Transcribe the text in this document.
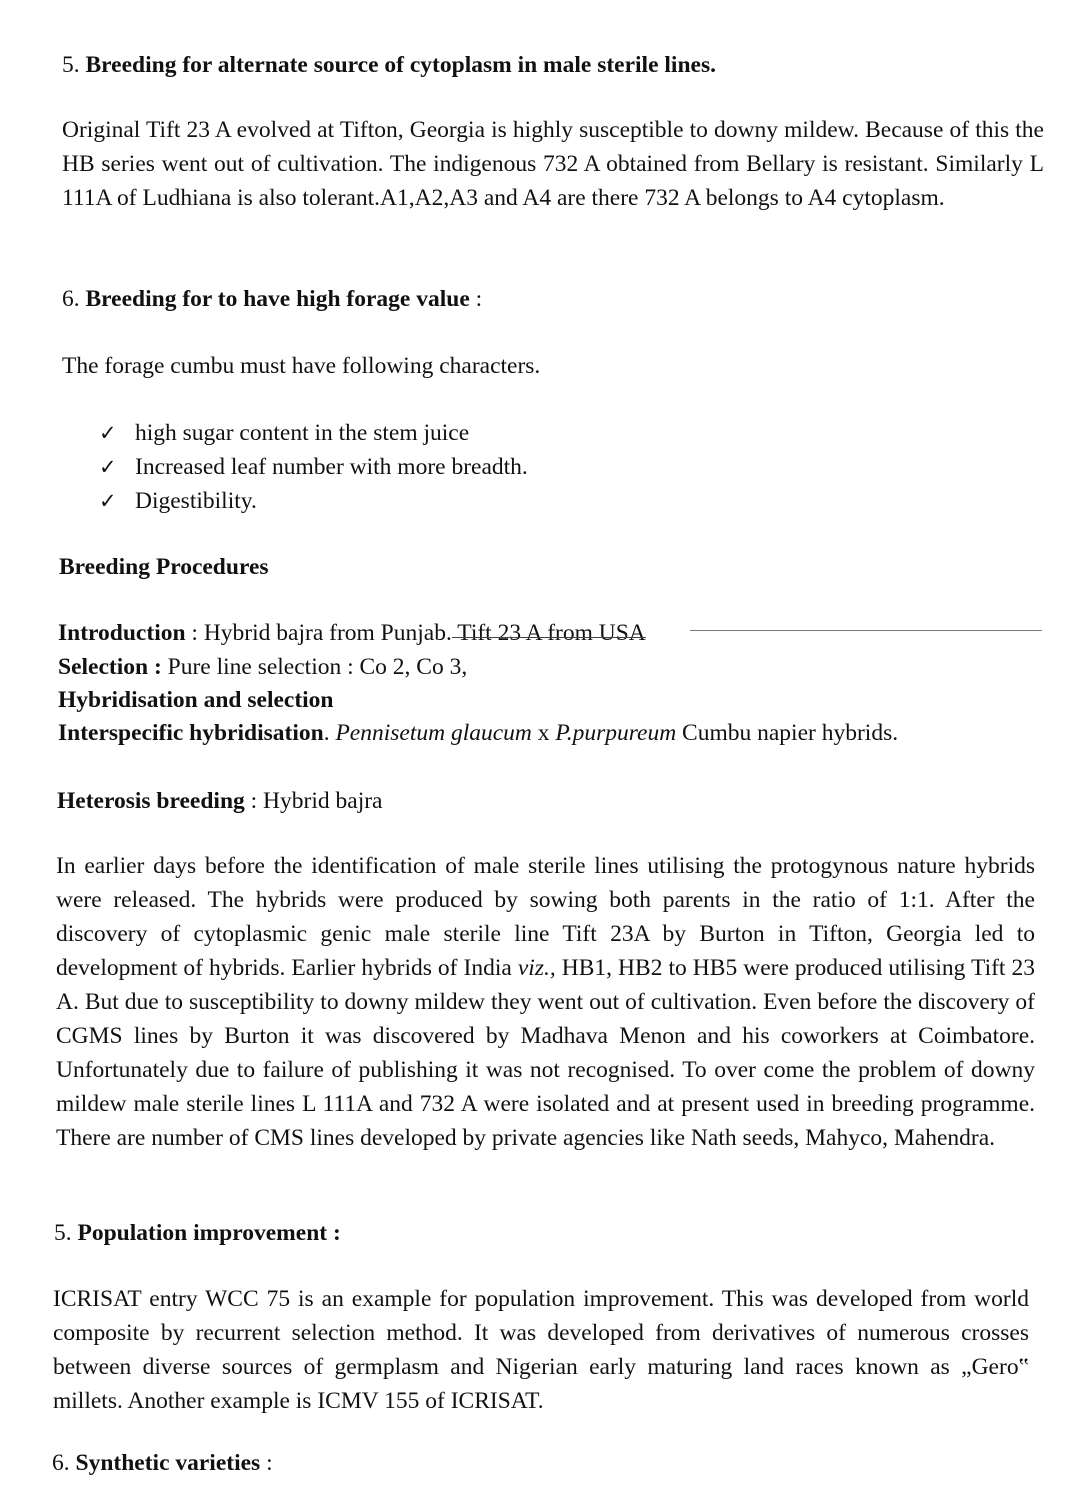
5. Breeding for alternate source of cytoplasm in male sterile lines.

Original Tift 23 A evolved at Tifton, Georgia is highly susceptible to downy mildew. Because of this the HB series went out of cultivation. The indigenous 732 A obtained from Bellary is resistant. Similarly L 111A of Ludhiana is also tolerant.A1,A2,A3 and A4 are there 732 A belongs to A4 cytoplasm.

6. Breeding for to have high forage value :

The forage cumbu must have following characters.

✓ high sugar content in the stem juice
✓ Increased leaf number with more breadth.
✓ Digestibility.
Breeding Procedures
Introduction : Hybrid bajra from Punjab. Tift 23 A from USA
Selection : Pure line selection : Co 2, Co 3,
Hybridisation and selection
Interspecific hybridisation. Pennisetum glaucum x P.purpureum Cumbu napier hybrids.
Heterosis breeding : Hybrid bajra

In earlier days before the identification of male sterile lines utilising the protogynous nature hybrids were released. The hybrids were produced by sowing both parents in the ratio of 1:1. After the discovery of cytoplasmic genic male sterile line Tift 23A by Burton in Tifton, Georgia led to development of hybrids. Earlier hybrids of India viz., HB1, HB2 to HB5 were produced utilising Tift 23 A. But due to susceptibility to downy mildew they went out of cultivation. Even before the discovery of CGMS lines by Burton it was discovered by Madhava Menon and his coworkers at Coimbatore. Unfortunately due to failure of publishing it was not recognised. To over come the problem of downy mildew male sterile lines L 111A and 732 A were isolated and at present used in breeding programme. There are number of CMS lines developed by private agencies like Nath seeds, Mahyco, Mahendra.

5. Population improvement :

ICRISAT entry WCC 75 is an example for population improvement. This was developed from world composite by recurrent selection method. It was developed from derivatives of numerous crosses between diverse sources of germplasm and Nigerian early maturing land races known as „Gero‟ millets. Another example is ICMV 155 of ICRISAT.

6. Synthetic varieties :
